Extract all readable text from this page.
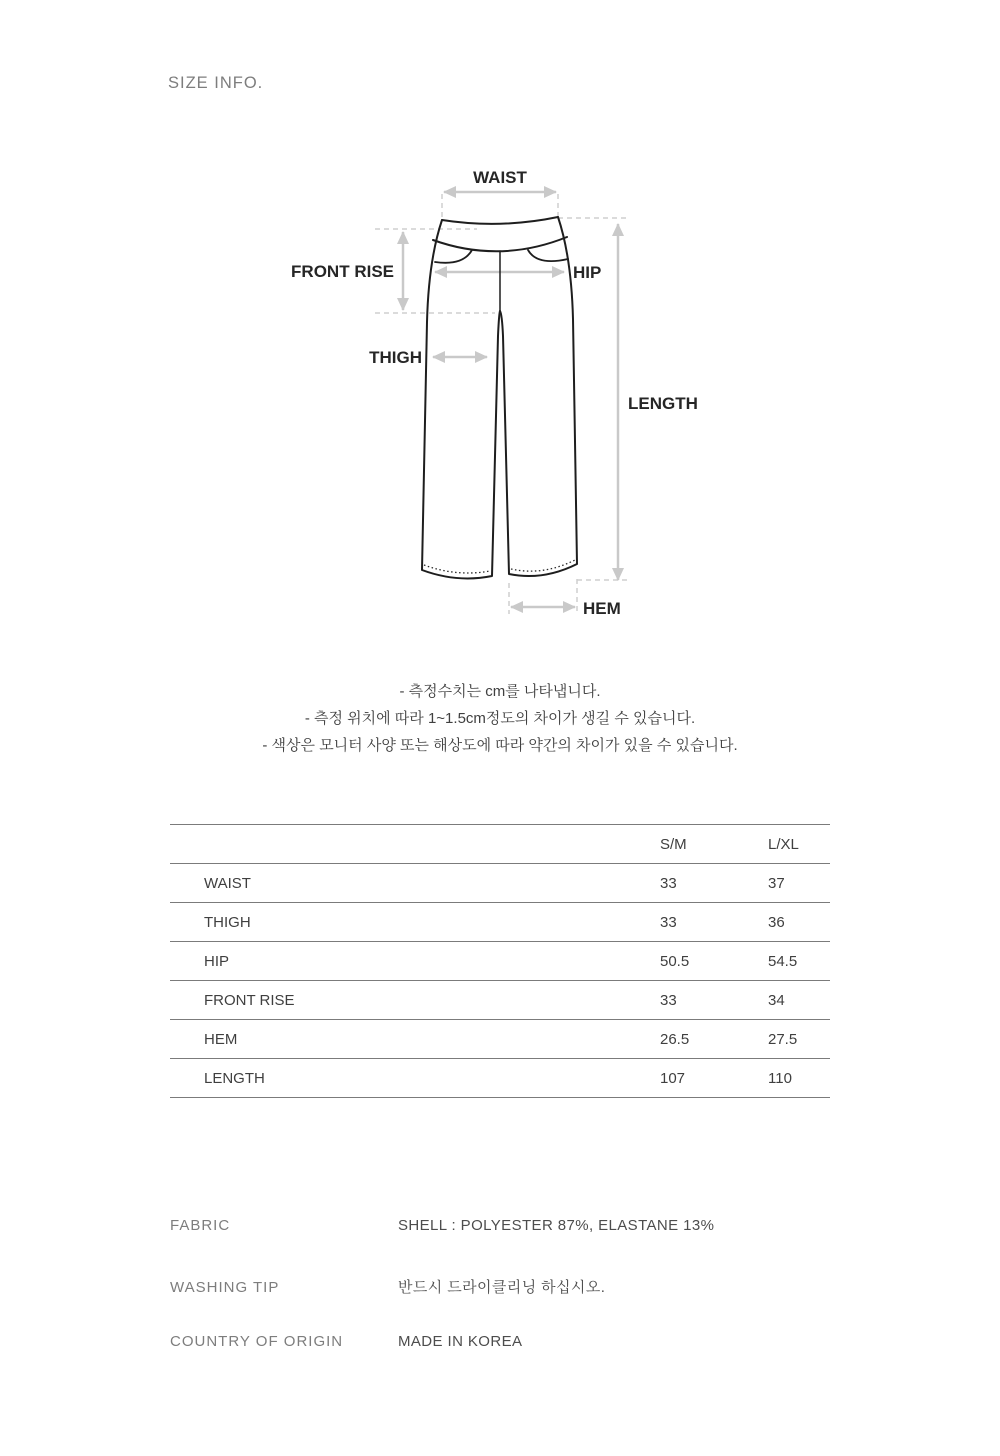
SIZE INFO.
WAIST
FRONT RISE	HIP
THIGH
LENGTH
HEM

- 측정수치는 cm를 나타냅니다.

- 측정 위치에 따라 1~1.5cm정도의 차이가 생길 수 있습니다.

- 색상은 모니터 사양 또는 해상도에 따라 약간의 차이가 있을 수 있습니다.

	S/M	L/XL
WAIST	33	37
THIGH	33	36
HIP	50.5	54.5
FRONT RISE	33	34
HEM	26.5	27.5
LENGTH	107	110
FABRIC	SHELL : POLYESTER 87%, ELASTANE 13%
WASHING TIP	반드시 드라이클리닝 하십시오.
COUNTRY OF ORIGIN	MADE IN KOREA
